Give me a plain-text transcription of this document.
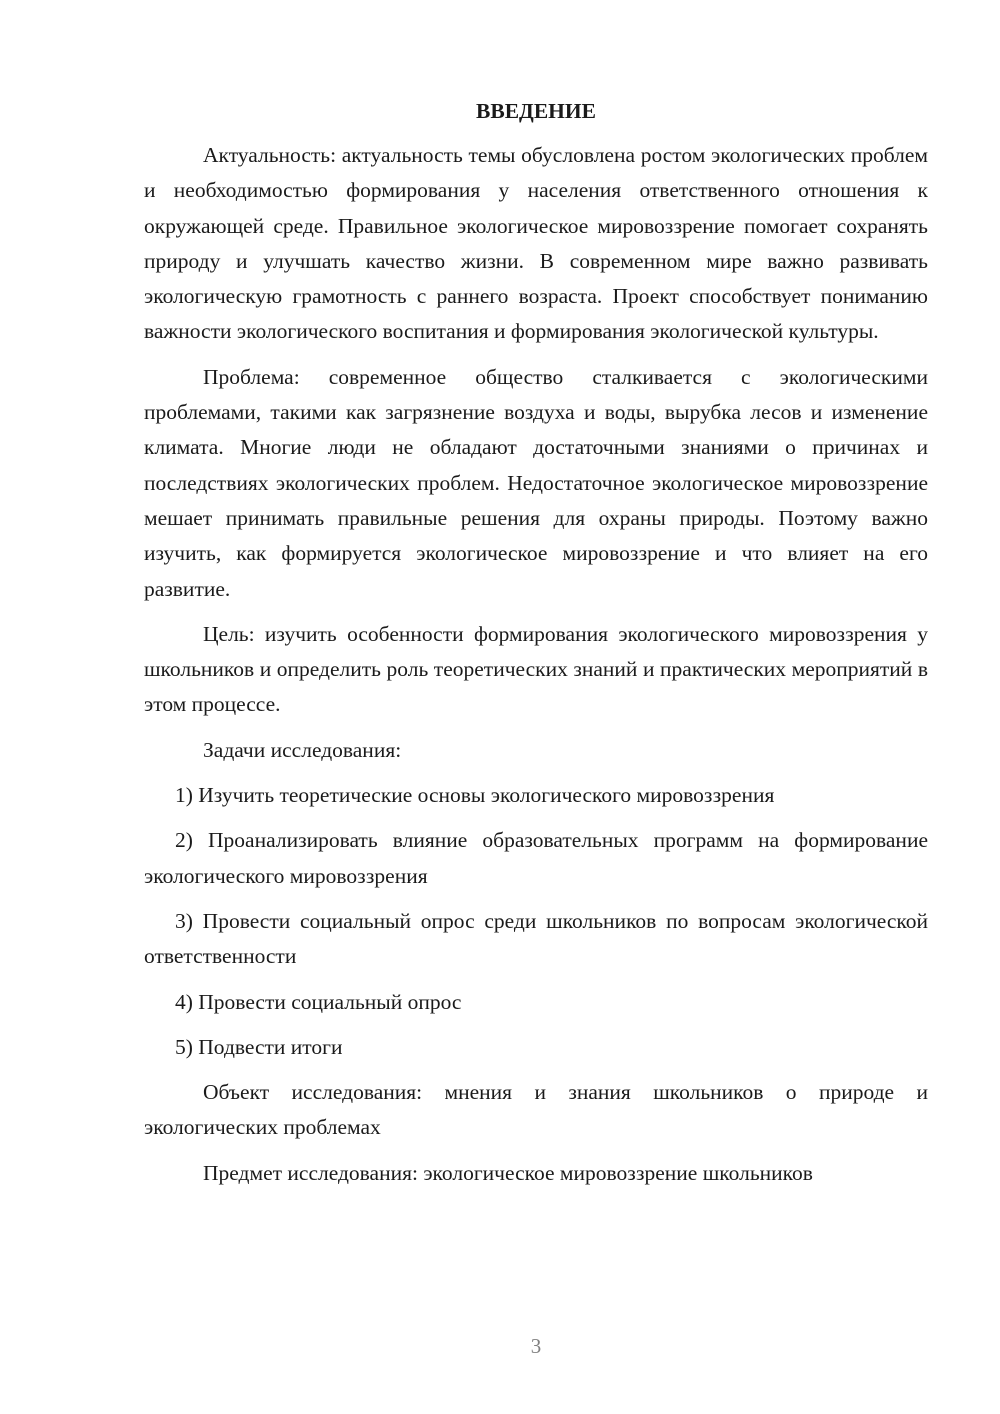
ВВЕДЕНИЕ

Актуальность: актуальность темы обусловлена ростом экологических проблем и необходимостью формирования у населения ответственного отношения к окружающей среде. Правильное экологическое мировоззрение помогает сохранять природу и улучшать качество жизни. В современном мире важно развивать экологическую грамотность с раннего возраста. Проект способствует пониманию важности экологического воспитания и формирования экологической культуры.

Проблема: современное общество сталкивается с экологическими проблемами, такими как загрязнение воздуха и воды, вырубка лесов и изменение климата. Многие люди не обладают достаточными знаниями о причинах и последствиях экологических проблем. Недостаточное экологическое мировоззрение мешает принимать правильные решения для охраны природы. Поэтому важно изучить, как формируется экологическое мировоззрение и что влияет на его развитие.

Цель: изучить особенности формирования экологического мировоззрения у школьников и определить роль теоретических знаний и практических мероприятий в этом процессе.

Задачи исследования:

1) Изучить теоретические основы экологического мировоззрения

2) Проанализировать влияние образовательных программ на формирование экологического мировоззрения

3) Провести социальный опрос среди школьников по вопросам экологической ответственности

4) Провести социальный опрос

5) Подвести итоги

Объект исследования: мнения и знания школьников о природе и экологических проблемах

Предмет исследования: экологическое мировоззрение школьников

3
